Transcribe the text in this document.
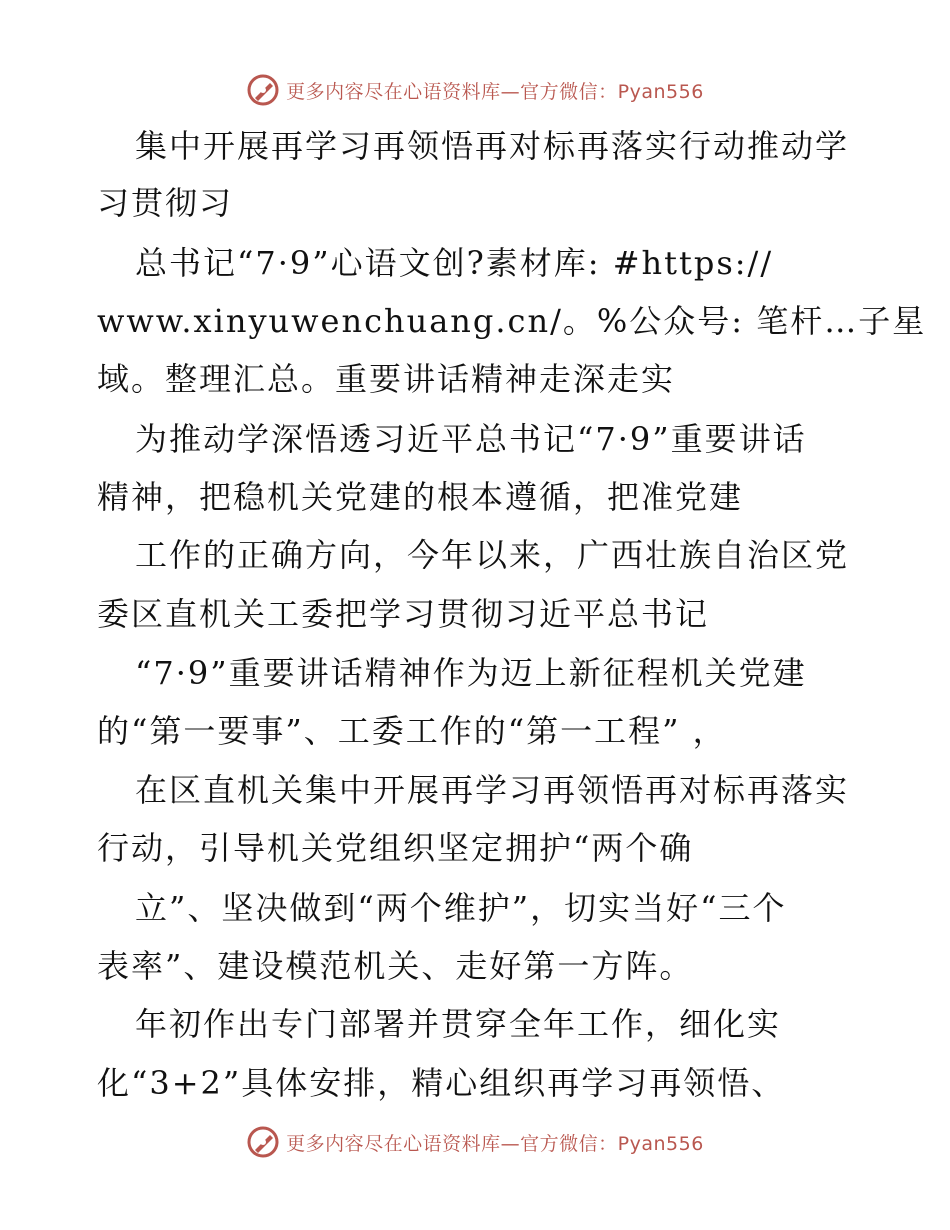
更多内容尽在心语资料库—官方微信：Pyan556
集中开展再学习再领悟再对标再落实行动推动学
习贯彻习
总书记“7·9”心语文创?素材库: #https://
www.xinyuwenchuang.cn/。%公众号: 笔杆…子星
域。整理汇总。重要讲话精神走深走实
为推动学深悟透习近平总书记“7·9”重要讲话
精神，把稳机关党建的根本遵循，把准党建
工作的正确方向，今年以来，广西壮族自治区党
委区直机关工委把学习贯彻习近平总书记
“7·9”重要讲话精神作为迈上新征程机关党建
的“第一要事”、工委工作的“第一工程” ，
在区直机关集中开展再学习再领悟再对标再落实
行动，引导机关党组织坚定拥护“两个确
立”、坚决做到“两个维护”，切实当好“三个
表率”、建设模范机关、走好第一方阵。
年初作出专门部署并贯穿全年工作，细化实
化“3+2”具体安排，精心组织再学习再领悟、
更多内容尽在心语资料库—官方微信：Pyan556
